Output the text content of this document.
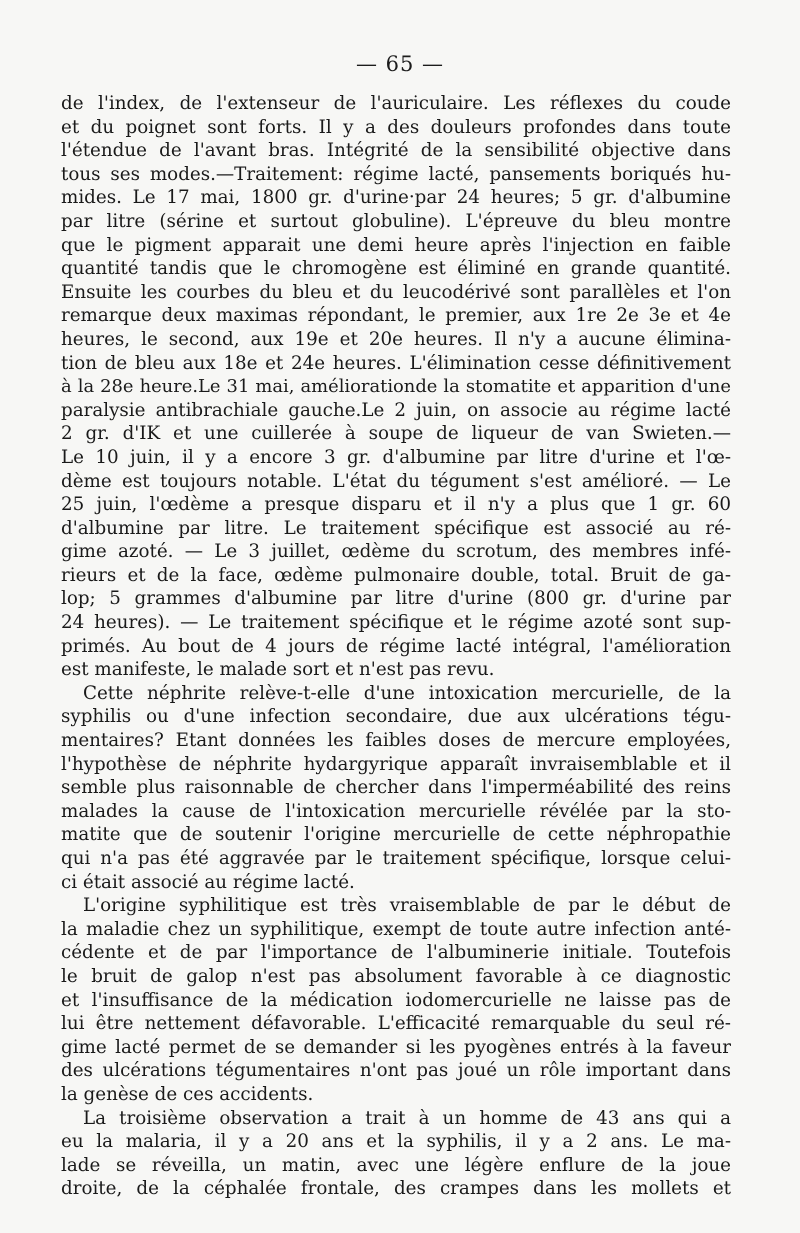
— 65 —
de l'index, de l'extenseur de l'auriculaire. Les réflexes du coude
et du poignet sont forts. Il y a des douleurs profondes dans toute
l'étendue de l'avant bras. Intégrité de la sensibilité objective dans
tous ses modes.—Traitement: régime lacté, pansements boriqués hu-
mides. Le 17 mai, 1800 gr. d'urine·par 24 heures; 5 gr. d'albumine
par litre (sérine et surtout globuline). L'épreuve du bleu montre
que le pigment apparait une demi heure après l'injection en faible
quantité tandis que le chromogène est éliminé en grande quantité.
Ensuite les courbes du bleu et du leucodérivé sont parallèles et l'on
remarque deux maximas répondant, le premier, aux 1re 2e 3e et 4e
heures, le second, aux 19e et 20e heures. Il n'y a aucune élimina-
tion de bleu aux 18e et 24e heures. L'élimination cesse définitivement
à la 28e heure.Le 31 mai, améliorationde la stomatite et apparition d'une
paralysie antibrachiale gauche.Le 2 juin, on associe au régime lacté
2 gr. d'IK et une cuillerée à soupe de liqueur de van Swieten.—
Le 10 juin, il y a encore 3 gr. d'albumine par litre d'urine et l'œ-
dème est toujours notable. L'état du tégument s'est amélioré. — Le
25 juin, l'œdème a presque disparu et il n'y a plus que 1 gr. 60
d'albumine par litre. Le traitement spécifique est associé au ré-
gime azoté. — Le 3 juillet, œdème du scrotum, des membres infé-
rieurs et de la face, œdème pulmonaire double, total. Bruit de ga-
lop; 5 grammes d'albumine par litre d'urine (800 gr. d'urine par
24 heures). — Le traitement spécifique et le régime azoté sont sup-
primés. Au bout de 4 jours de régime lacté intégral, l'amélioration
est manifeste, le malade sort et n'est pas revu.
Cette néphrite relève-t-elle d'une intoxication mercurielle, de la
syphilis ou d'une infection secondaire, due aux ulcérations tégu-
mentaires? Etant données les faibles doses de mercure employées,
l'hypothèse de néphrite hydargyrique apparaît invraisemblable et il
semble plus raisonnable de chercher dans l'imperméabilité des reins
malades la cause de l'intoxication mercurielle révélée par la sto-
matite que de soutenir l'origine mercurielle de cette néphropathie
qui n'a pas été aggravée par le traitement spécifique, lorsque celui-
ci était associé au régime lacté.
L'origine syphilitique est très vraisemblable de par le début de
la maladie chez un syphilitique, exempt de toute autre infection anté-
cédente et de par l'importance de l'albuminerie initiale. Toutefois
le bruit de galop n'est pas absolument favorable à ce diagnostic
et l'insuffisance de la médication iodomercurielle ne laisse pas de
lui être nettement défavorable. L'efficacité remarquable du seul ré-
gime lacté permet de se demander si les pyogènes entrés à la faveur
des ulcérations tégumentaires n'ont pas joué un rôle important dans
la genèse de ces accidents.
La troisième observation a trait à un homme de 43 ans qui a
eu la malaria, il y a 20 ans et la syphilis, il y a 2 ans. Le ma-
lade se réveilla, un matin, avec une légère enflure de la joue
droite, de la céphalée frontale, des crampes dans les mollets et
